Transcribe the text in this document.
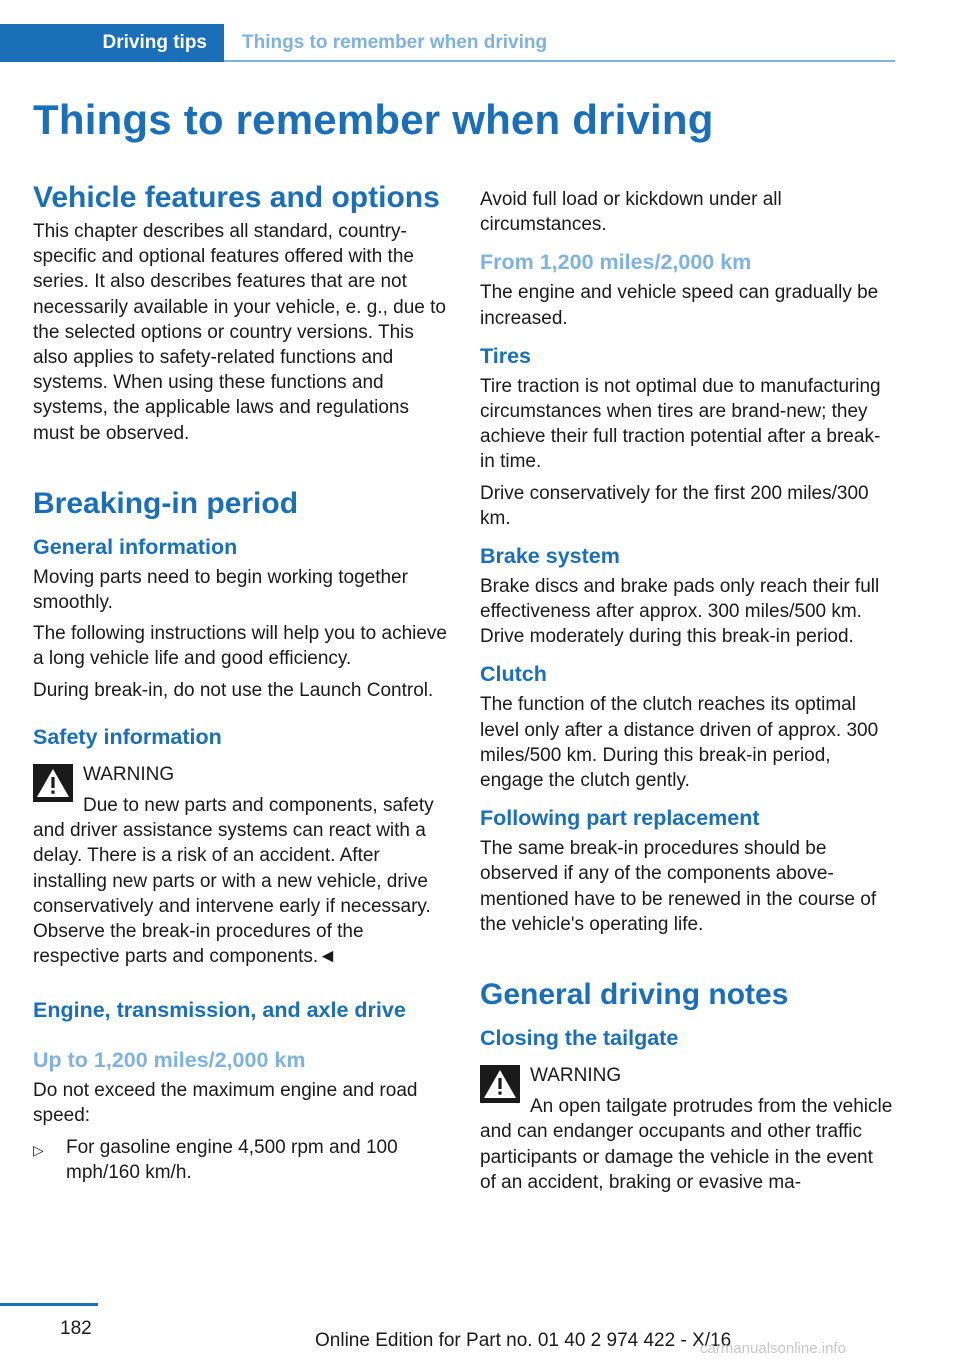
Driving tips	Things to remember when driving
Things to remember when driving
Vehicle features and options

This chapter describes all standard, country-specific and optional features offered with the series. It also describes features that are not necessarily available in your vehicle, e. g., due to the selected options or country versions. This also applies to safety-related functions and systems. When using these functions and systems, the applicable laws and regulations must be observed.

Breaking-in period
General information

Moving parts need to begin working together smoothly.

The following instructions will help you to achieve a long vehicle life and good efficiency.

During break-in, do not use the Launch Control.

Safety information

WARNING

Due to new parts and components, safety and driver assistance systems can react with a delay. There is a risk of an accident. After installing new parts or with a new vehicle, drive conservatively and intervene early if necessary. Observe the break-in procedures of the respective parts and components.◄

Engine, transmission, and axle drive
Up to 1,200 miles/2,000 km

Do not exceed the maximum engine and road speed:

▷ For gasoline engine 4,500 rpm and 100 mph/160 km/h.

Avoid full load or kickdown under all circumstances.

From 1,200 miles/2,000 km

The engine and vehicle speed can gradually be increased.

Tires

Tire traction is not optimal due to manufacturing circumstances when tires are brand-new; they achieve their full traction potential after a break-in time.

Drive conservatively for the first 200 miles/300 km.

Brake system

Brake discs and brake pads only reach their full effectiveness after approx. 300 miles/500 km. Drive moderately during this break-in period.

Clutch

The function of the clutch reaches its optimal level only after a distance driven of approx. 300 miles/500 km. During this break-in period, engage the clutch gently.

Following part replacement

The same break-in procedures should be observed if any of the components above-mentioned have to be renewed in the course of the vehicle's operating life.

General driving notes
Closing the tailgate

WARNING

An open tailgate protrudes from the vehicle and can endanger occupants and other traffic participants or damage the vehicle in the event of an accident, braking or evasive ma-

182
Online Edition for Part no. 01 40 2 974 422 - X/16
carmanualsonline.info
